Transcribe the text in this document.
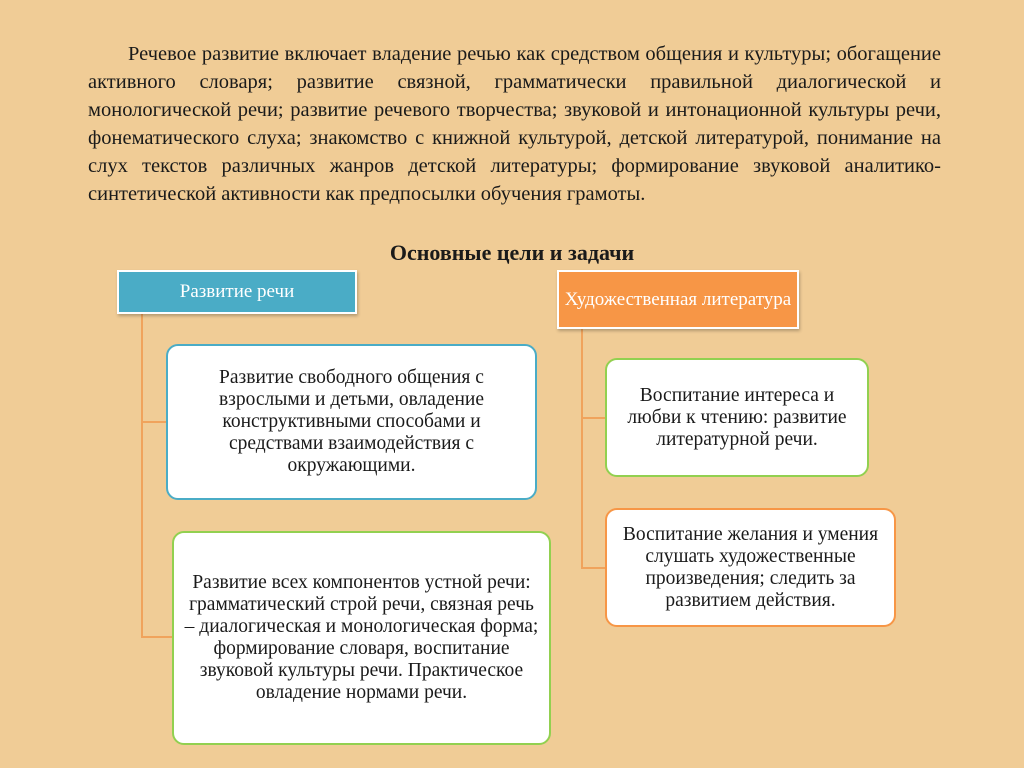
Речевое развитие включает владение речью как средством общения и культуры; обогащение активного словаря; развитие связной, грамматически правильной диалогической и монологической речи; развитие речевого творчества; звуковой и интонационной культуры речи, фонематического слуха; знакомство с книжной культурой, детской литературой, понимание на слух текстов различных жанров детской литературы; формирование звуковой аналитико-синтетической активности как предпосылки обучения грамоты.

Основные цели и задачи
Развитие речи	Художественная литература
Развитие свободного общения с взрослыми и детьми, овладение конструктивными способами и средствами взаимодействия с окружающими.
Развитие всех компонентов устной речи: грамматический строй речи, связная речь – диалогическая и монологическая форма; формирование словаря, воспитание звуковой культуры речи. Практическое овладение нормами речи.
Воспитание интереса и любви к чтению: развитие литературной речи.
Воспитание желания и умения слушать художественные произведения; следить за развитием действия.
